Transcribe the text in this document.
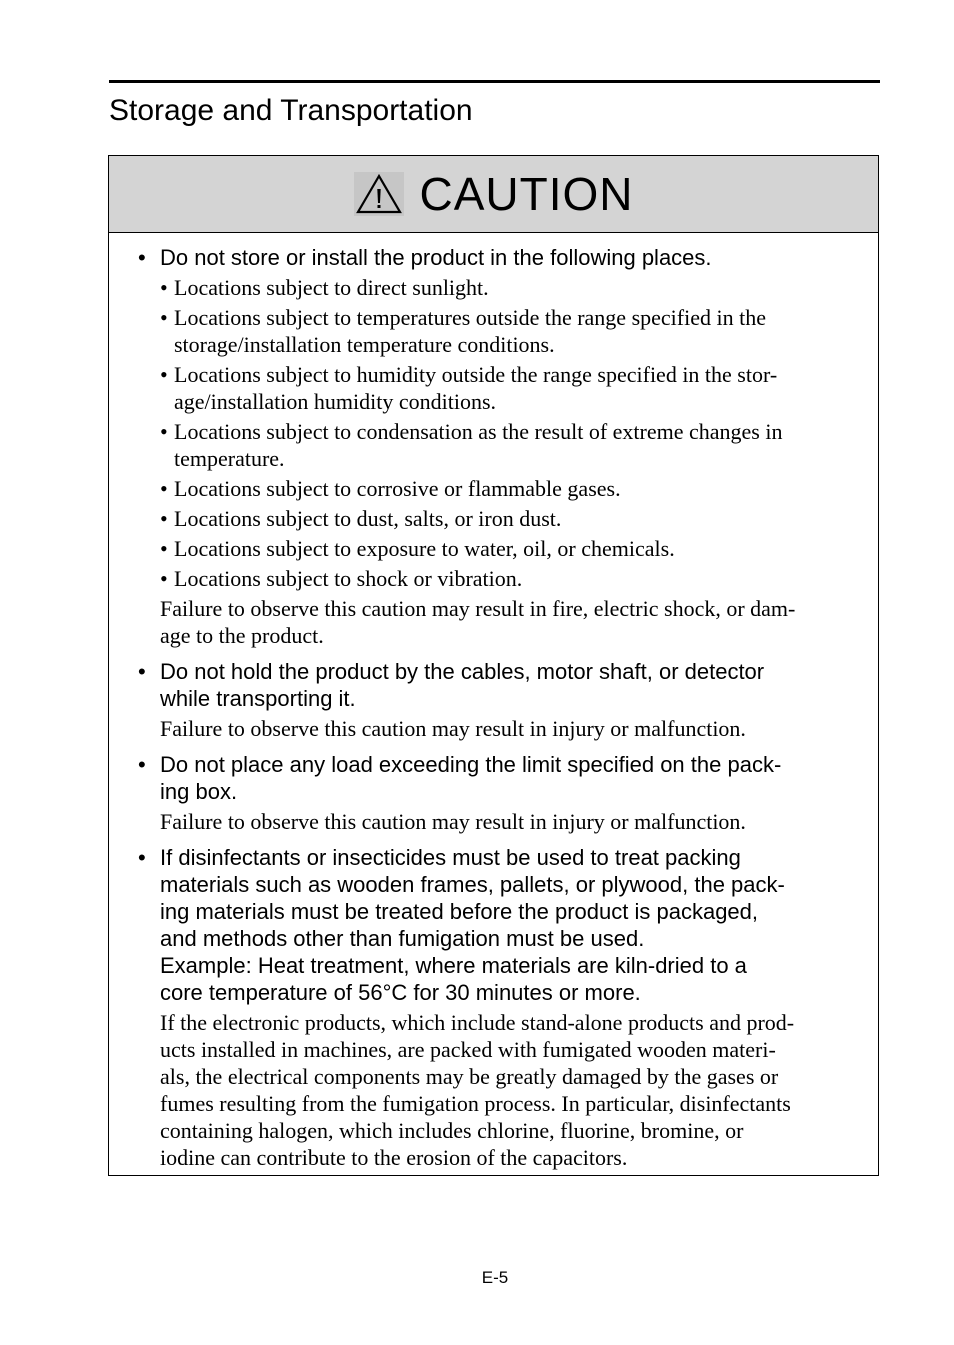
Storage and Transportation
CAUTION
• Do not store or install the product in the following places.
• Locations subject to direct sunlight.
• Locations subject to temperatures outside the range specified in the
storage/installation temperature conditions.
• Locations subject to humidity outside the range specified in the stor-
age/installation humidity conditions.
• Locations subject to condensation as the result of extreme changes in
temperature.
• Locations subject to corrosive or flammable gases.
• Locations subject to dust, salts, or iron dust.
• Locations subject to exposure to water, oil, or chemicals.
• Locations subject to shock or vibration.
Failure to observe this caution may result in fire, electric shock, or dam-
age to the product.
• Do not hold the product by the cables, motor shaft, or detector
while transporting it.
Failure to observe this caution may result in injury or malfunction.
• Do not place any load exceeding the limit specified on the pack-
ing box.
Failure to observe this caution may result in injury or malfunction.
• If disinfectants or insecticides must be used to treat packing
materials such as wooden frames, pallets, or plywood, the pack-
ing materials must be treated before the product is packaged,
and methods other than fumigation must be used.
Example: Heat treatment, where materials are kiln-dried to a
core temperature of 56°C for 30 minutes or more.
If the electronic products, which include stand-alone products and prod-
ucts installed in machines, are packed with fumigated wooden materi-
als, the electrical components may be greatly damaged by the gases or
fumes resulting from the fumigation process. In particular, disinfectants
containing halogen, which includes chlorine, fluorine, bromine, or
iodine can contribute to the erosion of the capacitors.
E-5
